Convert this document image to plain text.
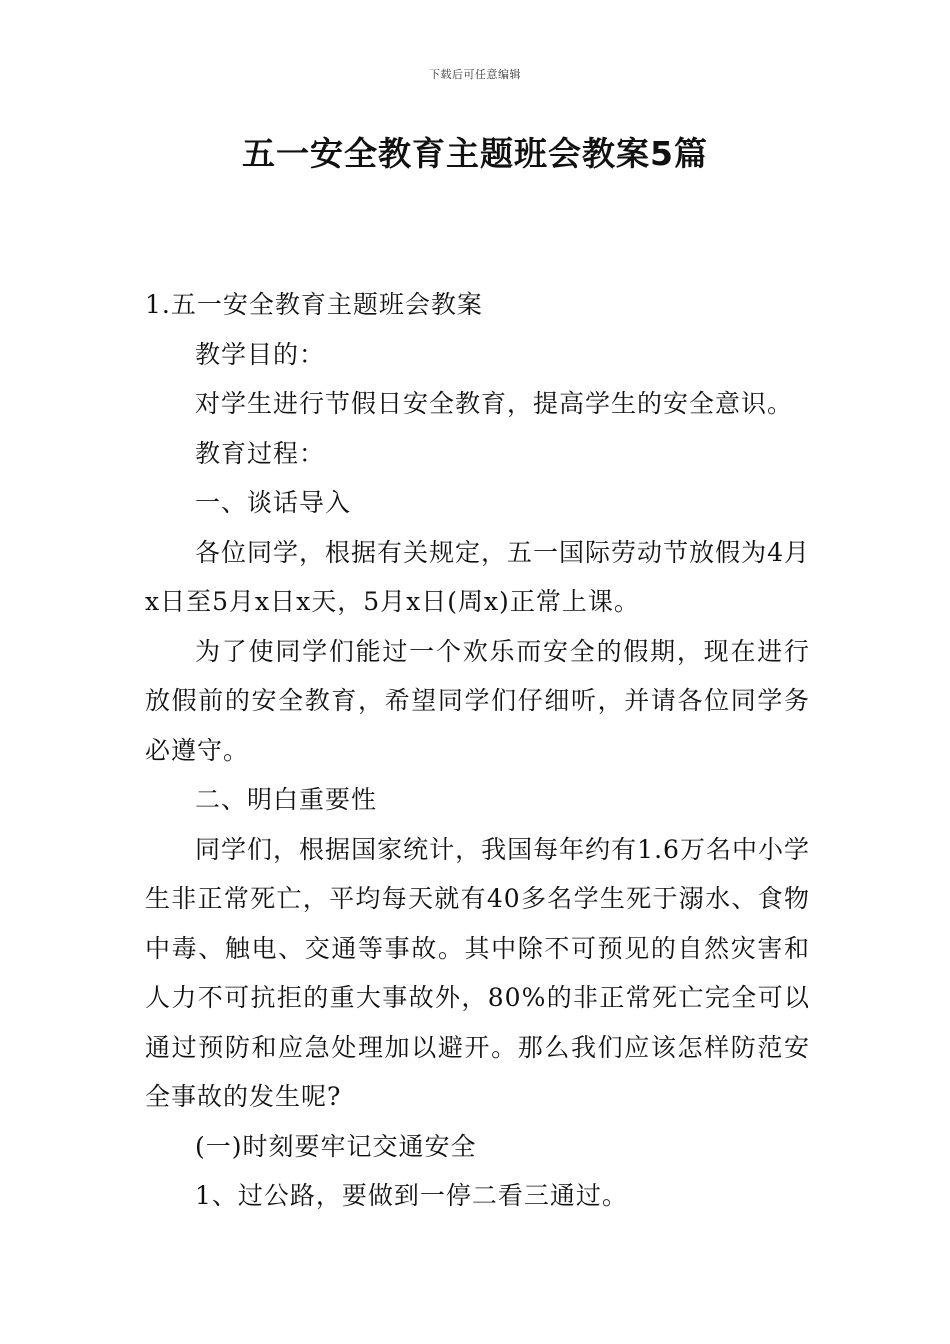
下载后可任意编辑
五一安全教育主题班会教案5篇

1.五一安全教育主题班会教案

教学目的：

对学生进行节假日安全教育，提高学生的安全意识。

教育过程：

一、谈话导入

各位同学，根据有关规定，五一国际劳动节放假为4月x日至5月x日x天，5月x日(周x)正常上课。

为了使同学们能过一个欢乐而安全的假期，现在进行放假前的安全教育，希望同学们仔细听，并请各位同学务必遵守。

二、明白重要性

同学们，根据国家统计，我国每年约有1.6万名中小学生非正常死亡，平均每天就有40多名学生死于溺水、食物中毒、触电、交通等事故。其中除不可预见的自然灾害和人力不可抗拒的重大事故外，80%的非正常死亡完全可以通过预防和应急处理加以避开。那么我们应该怎样防范安全事故的发生呢?

(一)时刻要牢记交通安全

1、过公路，要做到一停二看三通过。
